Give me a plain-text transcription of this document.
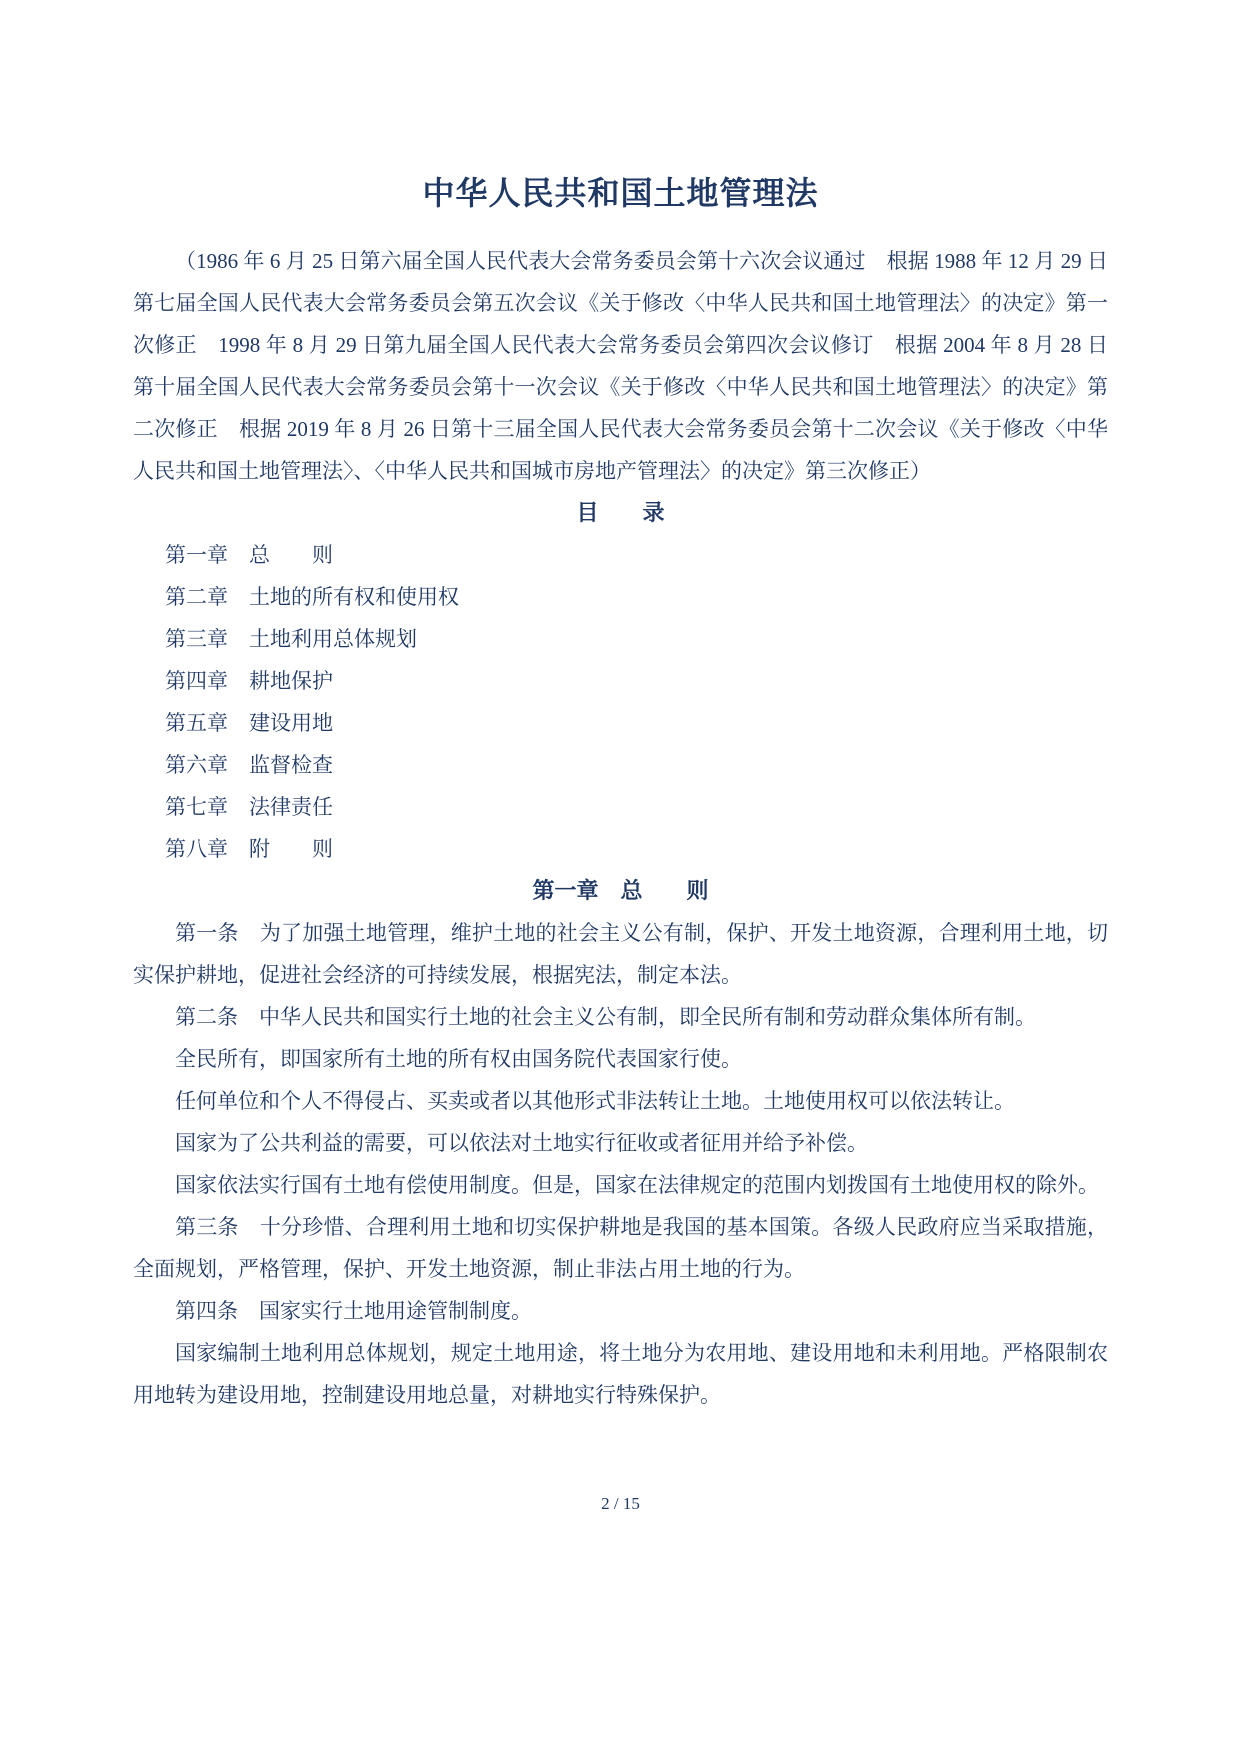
中华人民共和国土地管理法

（1986 年 6 月 25 日第六届全国人民代表大会常务委员会第十六次会议通过　根据 1988 年 12 月 29 日第七届全国人民代表大会常务委员会第五次会议《关于修改〈中华人民共和国土地管理法〉的决定》第一次修正　1998 年 8 月 29 日第九届全国人民代表大会常务委员会第四次会议修订　根据 2004 年 8 月 28 日第十届全国人民代表大会常务委员会第十一次会议《关于修改〈中华人民共和国土地管理法〉的决定》第二次修正　根据 2019 年 8 月 26 日第十三届全国人民代表大会常务委员会第十二次会议《关于修改〈中华人民共和国土地管理法〉、〈中华人民共和国城市房地产管理法〉的决定》第三次修正）

目　　录

第一章　总　　则

第二章　土地的所有权和使用权

第三章　土地利用总体规划

第四章　耕地保护

第五章　建设用地

第六章　监督检查

第七章　法律责任

第八章　附　　则

第一章　总　　则

第一条　为了加强土地管理，维护土地的社会主义公有制，保护、开发土地资源，合理利用土地，切实保护耕地，促进社会经济的可持续发展，根据宪法，制定本法。

第二条　中华人民共和国实行土地的社会主义公有制，即全民所有制和劳动群众集体所有制。

全民所有，即国家所有土地的所有权由国务院代表国家行使。

任何单位和个人不得侵占、买卖或者以其他形式非法转让土地。土地使用权可以依法转让。

国家为了公共利益的需要，可以依法对土地实行征收或者征用并给予补偿。

国家依法实行国有土地有偿使用制度。但是，国家在法律规定的范围内划拨国有土地使用权的除外。

第三条　十分珍惜、合理利用土地和切实保护耕地是我国的基本国策。各级人民政府应当采取措施，全面规划，严格管理，保护、开发土地资源，制止非法占用土地的行为。

第四条　国家实行土地用途管制制度。

国家编制土地利用总体规划，规定土地用途，将土地分为农用地、建设用地和未利用地。严格限制农用地转为建设用地，控制建设用地总量，对耕地实行特殊保护。

2 / 15
